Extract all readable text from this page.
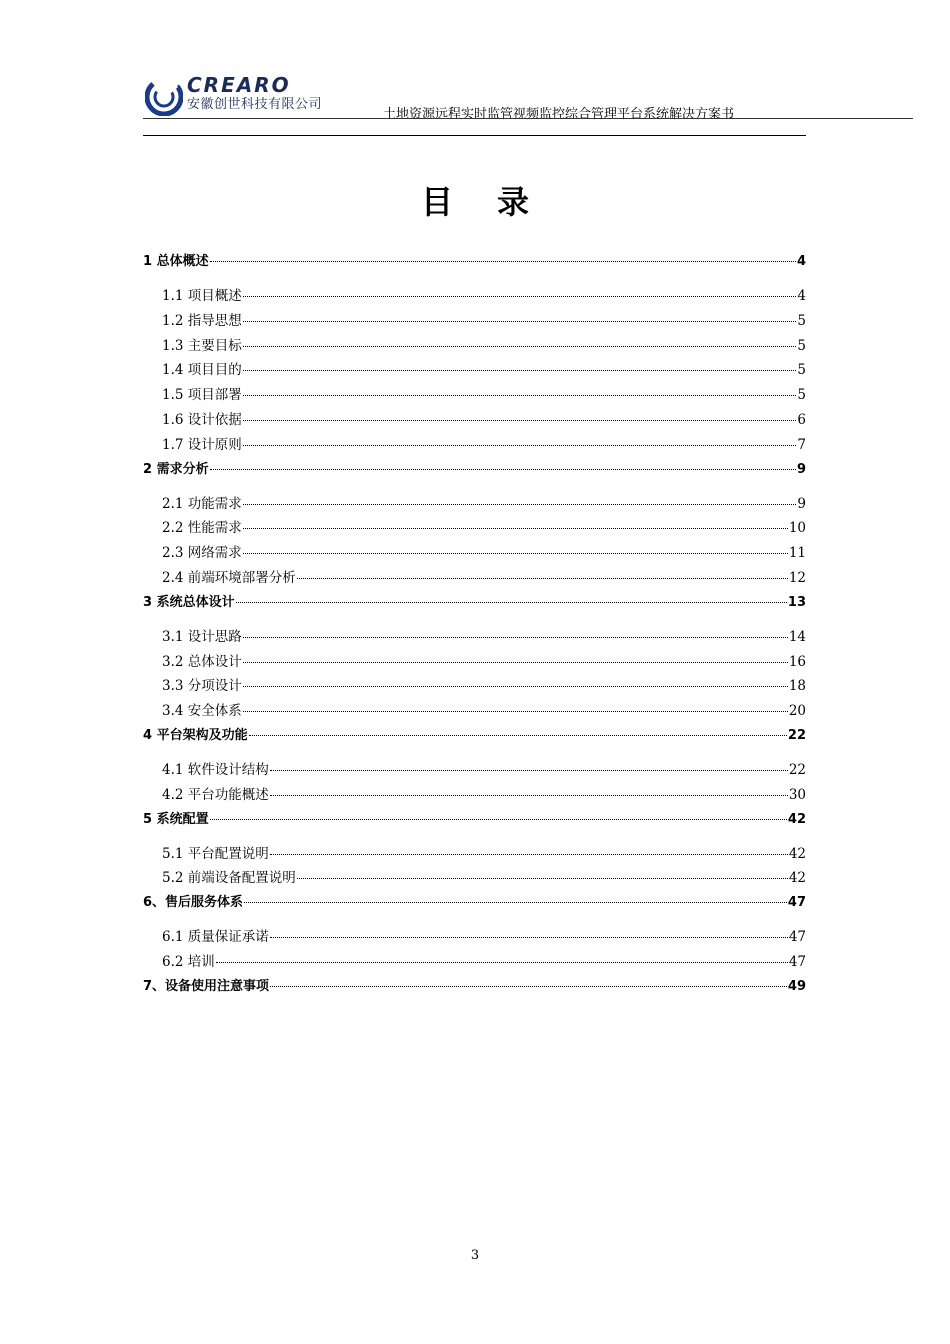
CREARO
安徽创世科技有限公司
土地资源远程实时监管视频监控综合管理平台系统解决方案书
目录
1 总体概述	4
1.1 项目概述	4
1.2 指导思想	5
1.3 主要目标	5
1.4 项目目的	5
1.5 项目部署	5
1.6 设计依据	6
1.7 设计原则	7
2 需求分析	9
2.1 功能需求	9
2.2 性能需求	10
2.3 网络需求	11
2.4 前端环境部署分析	12
3 系统总体设计	13
3.1 设计思路	14
3.2 总体设计	16
3.3 分项设计	18
3.4 安全体系	20
4 平台架构及功能	22
4.1 软件设计结构	22
4.2 平台功能概述	30
5 系统配置	42
5.1 平台配置说明	42
5.2 前端设备配置说明	42
6、售后服务体系	47
6.1 质量保证承诺	47
6.2 培训	47
7、设备使用注意事项	49
3
